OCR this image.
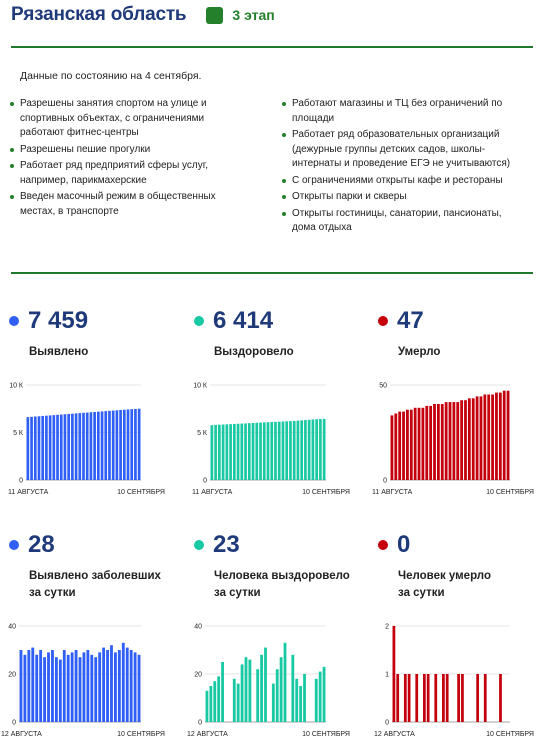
Рязанская область	3 этап
Данные по состоянию на 4 сентября.
Разрешены занятия спортом на улице и спортивных объектах, с ограничениями работают фитнес-центры
Разрешены пешие прогулки
Работает ряд предприятий сферы услуг, например, парикмахерские
Введен масочный режим в общественных местах, в транспорте
Работают магазины и ТЦ без ограничений по площади
Работает ряд образовательных организаций (дежурные группы детских садов, школы-интернаты и проведение ЕГЭ не учитываются)
С ограничениями открыты кафе и рестораны
Открыты парки и скверы
Открыты гостиницы, санатории, пансионаты, дома отдыха
7 459
Выявлено
6 414
Выздоровело
47
Умерло
28
Выявлено заболевших
за сутки
23
Человека выздоровело
за сутки
0
Человек умерло
за сутки
0
5 К
10 К
11 АВГУСТА	10 СЕНТЯБРЯ
0
5 К
10 К
11 АВГУСТА	10 СЕНТЯБРЯ
0
50
11 АВГУСТА	10 СЕНТЯБРЯ
0
20
40
12 АВГУСТА	10 СЕНТЯБРЯ
0
20
40
12 АВГУСТА	10 СЕНТЯБРЯ
0
1
2
12 АВГУСТА	10 СЕНТЯБРЯ
